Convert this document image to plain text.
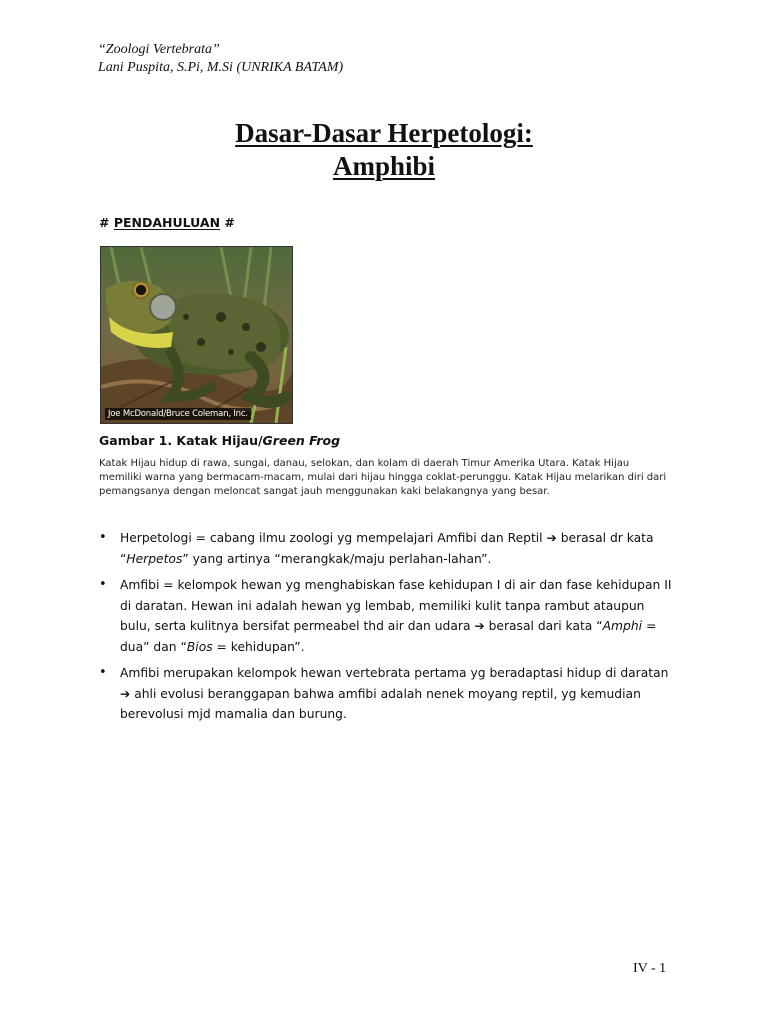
“Zoologi Vertebrata”
Lani Puspita, S.Pi, M.Si (UNRIKA BATAM)
Dasar-Dasar Herpetologi:
Amphibi
# PENDAHULUAN #
Joe McDonald/Bruce Coleman, Inc.
Gambar 1. Katak Hijau/Green Frog
Katak Hijau hidup di rawa, sungai, danau, selokan, dan kolam di daerah Timur Amerika Utara. Katak Hijau memiliki warna yang bermacam-macam, mulai dari hijau hingga coklat-perunggu. Katak Hijau melarikan diri dari pemangsanya dengan meloncat sangat jauh menggunakan kaki belakangnya yang besar.
• Herpetologi = cabang ilmu zoologi yg mempelajari Amfibi dan Reptil ➔ berasal dr kata “Herpetos” yang artinya “merangkak/maju perlahan-lahan”.
• Amfibi = kelompok hewan yg menghabiskan fase kehidupan I di air dan fase kehidupan II di daratan. Hewan ini adalah hewan yg lembab, memiliki kulit tanpa rambut ataupun bulu, serta kulitnya bersifat permeabel thd air dan udara ➔ berasal dari kata “Amphi = dua” dan “Bios = kehidupan”.
• Amfibi merupakan kelompok hewan vertebrata pertama yg beradaptasi hidup di daratan ➔ ahli evolusi beranggapan bahwa amfibi adalah nenek moyang reptil, yg kemudian berevolusi mjd mamalia dan burung.
IV - 1
